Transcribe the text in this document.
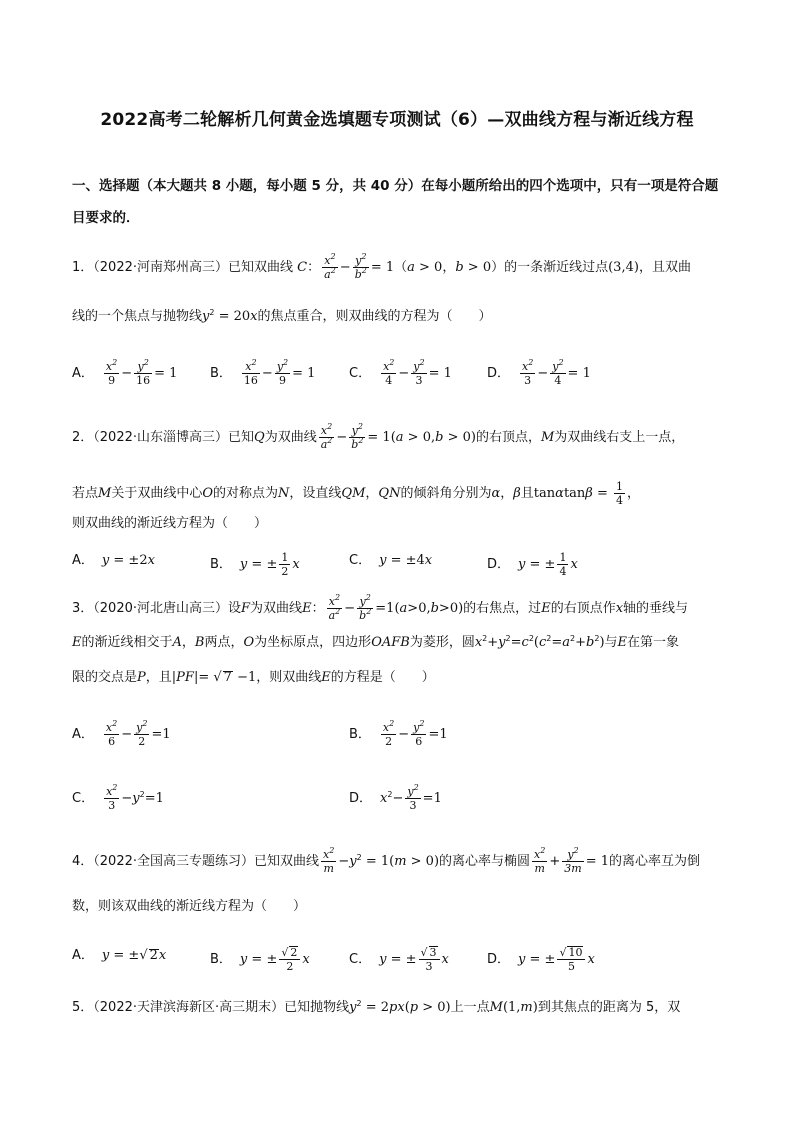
2022高考二轮解析几何黄金选填题专项测试（6）—双曲线方程与渐近线方程
一、选择题（本大题共 8 小题，每小题 5 分，共 40 分）在每小题所给出的四个选项中，只有一项是符合题
目要求的．
1．（2022·河南郑州高三）已知双曲线 C： $\frac{x^2}{a^2} - \frac{y^2}{b^2} = 1(a > 0$，b > 0）的一条渐近线过点(3,4)，且双曲
线的一个焦点与抛物线$y^2 = 20x$的焦点重合，则双曲线的方程为（　　）
A． $\frac{x^2}{9} - \frac{y^2}{16} = 1$	B． $\frac{x^2}{16} - \frac{y^2}{9} = 1$	C． $\frac{x^2}{4} - \frac{y^2}{3} = 1$	D． $\frac{x^2}{3} - \frac{y^2}{4} = 1$
2．（2022·山东淄博高三）已知Q为双曲线 $\frac{x^2}{a^2} - \frac{y^2}{b^2} = 1(a > 0,b > 0)$的右顶点，M为双曲线右支上一点，
若点M关于双曲线中心O的对称点为N，设直线QM，QN的倾斜角分别为α，β且$\tan\alpha\tan\beta = \frac{1}{4}$ ，
则双曲线的渐近线方程为（　　）
A． y = ±2x	B． y = ± $\frac{1}{2}$ x	C． y = ±4x	D． y = ± $\frac{1}{4}$ x
3．（2020·河北唐山高三）设F为双曲线E： $\frac{x^2}{a^2} - \frac{y^2}{b^2} =1(a>0,b>0)$的右焦点，过E的右顶点作x轴的垂线与
E的渐近线相交于A，B两点，O为坐标原点，四边形OAFB为菱形，圆$x^2+y^2=c^2(c^2=a^2+b^2)$与E在第一象
限的交点是P，且|PF|= √ 7 −1，则双曲线E的方程是（　　）
A． $\frac{x^2}{6} - \frac{y^2}{2} =1$	B． $\frac{x^2}{2} - \frac{y^2}{6} =1$
C． $\frac{x^2}{3} -y^2=1$	D． $x^2- \frac{y^2}{3} =1$
4．（2022·全国高三专题练习）已知双曲线 $\frac{x^2}{m} -y^2 = 1(m > 0)$的离心率与椭圆 $\frac{x^2}{m} + \frac{y^2}{3m} = 1$的离心率互为倒
数，则该双曲线的渐近线方程为（　　）
A． y = ±√ 2x	B． y = ± $\frac{√ 2}{2}$ x	C． y = ± $\frac{√ 3}{3}$ x	D． y = ± $\frac{√ 10}{5}$ x
5．（2022·天津滨海新区·高三期末）已知抛物线$y^2 = 2px(p > 0)$上一点M(1,m)到其焦点的距离为 5，双
